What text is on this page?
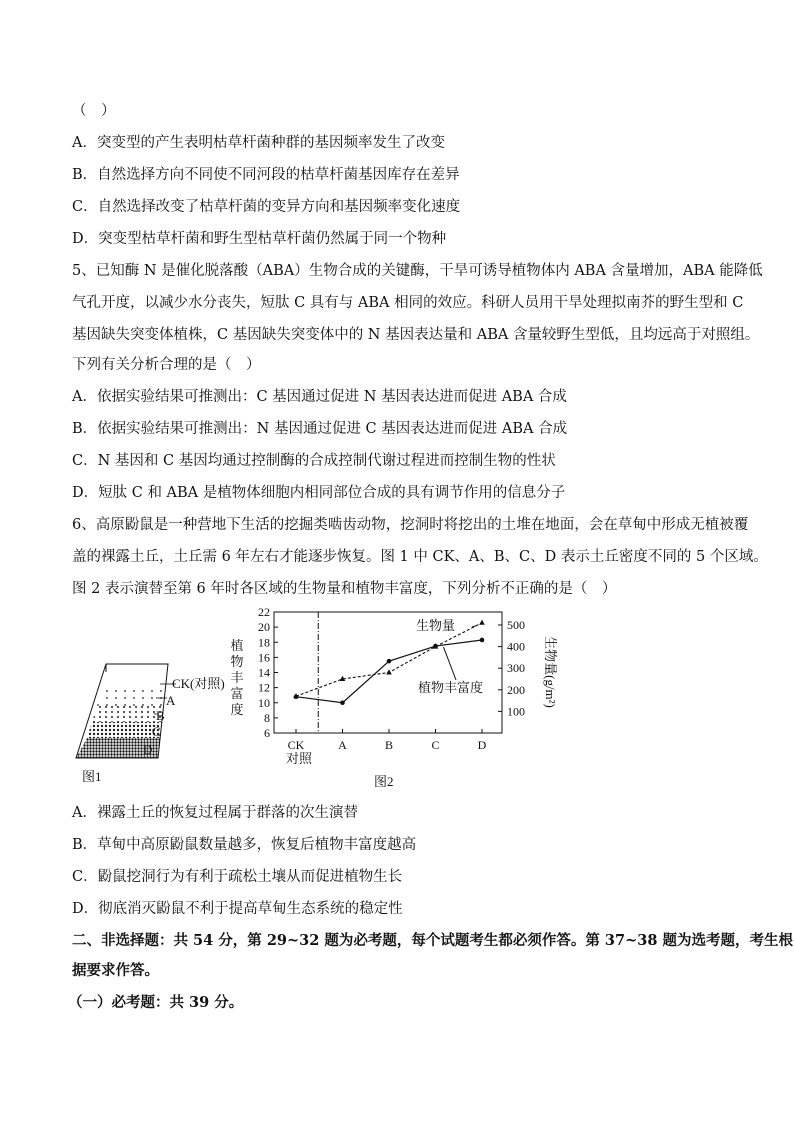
（　）
A．突变型的产生表明枯草杆菌种群的基因频率发生了改变
B．自然选择方向不同使不同河段的枯草杆菌基因库存在差异
C．自然选择改变了枯草杆菌的变异方向和基因频率变化速度
D．突变型枯草杆菌和野生型枯草杆菌仍然属于同一个物种
5、已知酶 N 是催化脱落酸（ABA）生物合成的关键酶，干旱可诱导植物体内 ABA 含量增加，ABA 能降低
气孔开度，以减少水分丧失，短肽 C 具有与 ABA 相同的效应。科研人员用干旱处理拟南芥的野生型和 C
基因缺失突变体植株，C 基因缺失突变体中的 N 基因表达量和 ABA 含量较野生型低，且均远高于对照组。
下列有关分析合理的是（　）
A．依据实验结果可推测出：C 基因通过促进 N 基因表达进而促进 ABA 合成
B．依据实验结果可推测出：N 基因通过促进 C 基因表达进而促进 ABA 合成
C．N 基因和 C 基因均通过控制酶的合成控制代谢过程进而控制生物的性状
D．短肽 C 和 ABA 是植物体细胞内相同部位合成的具有调节作用的信息分子
6、高原鼢鼠是一种营地下生活的挖掘类啮齿动物，挖洞时将挖出的土堆在地面，会在草甸中形成无植被覆
盖的裸露土丘，土丘需 6 年左右才能逐步恢复。图 1 中 CK、A、B、C、D 表示土丘密度不同的 5 个区域。
图 2 表示演替至第 6 年时各区域的生物量和植物丰富度，下列分析不正确的是（　）
CK(对照)
A
B
C
D
图1
6
8
10
12
14
16
18
20
22
100
200
300
400
500
CK	A	B	C	D
植物丰富度
生物量(g/m²)
生物量
植物丰富度
图2
对照
A．裸露土丘的恢复过程属于群落的次生演替
B．草甸中高原鼢鼠数量越多，恢复后植物丰富度越高
C．鼢鼠挖洞行为有利于疏松土壤从而促进植物生长
D．彻底消灭鼢鼠不利于提高草甸生态系统的稳定性
二、非选择题：共 54 分，第 29~32 题为必考题，每个试题考生都必须作答。第 37~38 题为选考题，考生根
据要求作答。
（一）必考题：共 39 分。
